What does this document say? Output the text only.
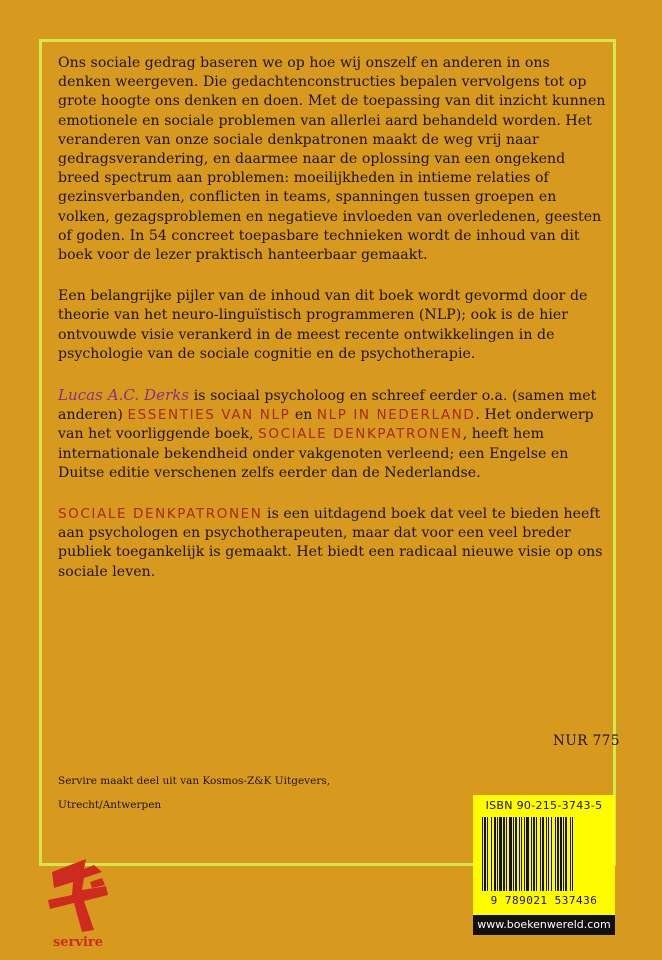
Ons sociale gedrag baseren we op hoe wij onszelf en anderen in ons denken weergeven. Die gedachtenconstructies bepalen vervolgens tot op grote hoogte ons denken en doen. Met de toepassing van dit inzicht kunnen emotionele en sociale problemen van allerlei aard behandeld worden. Het veranderen van onze sociale denkpatronen maakt de weg vrij naar gedragsverandering, en daarmee naar de oplossing van een ongekend breed spectrum aan problemen: moeilijkheden in intieme relaties of gezinsverbanden, conflicten in teams, spanningen tussen groepen en volken, gezagsproblemen en negatieve invloeden van overledenen, geesten of goden. In 54 concreet toepasbare technieken wordt de inhoud van dit boek voor de lezer praktisch hanteerbaar gemaakt.

Een belangrijke pijler van de inhoud van dit boek wordt gevormd door de theorie van het neuro-linguïstisch programmeren (NLP); ook is de hier ontvouwde visie verankerd in de meest recente ontwikkelingen in de psychologie van de sociale cognitie en de psychotherapie.

Lucas A.C. Derks is sociaal psycholoog en schreef eerder o.a. (samen met anderen) ESSENTIES VAN NLP en NLP IN NEDERLAND. Het onderwerp van het voorliggende boek, SOCIALE DENKPATRONEN, heeft hem internationale bekendheid onder vakgenoten verleend; een Engelse en Duitse editie verschenen zelfs eerder dan de Nederlandse.

SOCIALE DENKPATRONEN is een uitdagend boek dat veel te bieden heeft aan psychologen en psychotherapeuten, maar dat voor een veel breder publiek toegankelijk is gemaakt. Het biedt een radicaal nieuwe visie op ons sociale leven.

NUR 775
Servire maakt deel uit van Kosmos-Z&K Uitgevers,
Utrecht/Antwerpen
servire
ISBN 90-215-3743-5
9 789021 537436
www.boekenwereld.com
